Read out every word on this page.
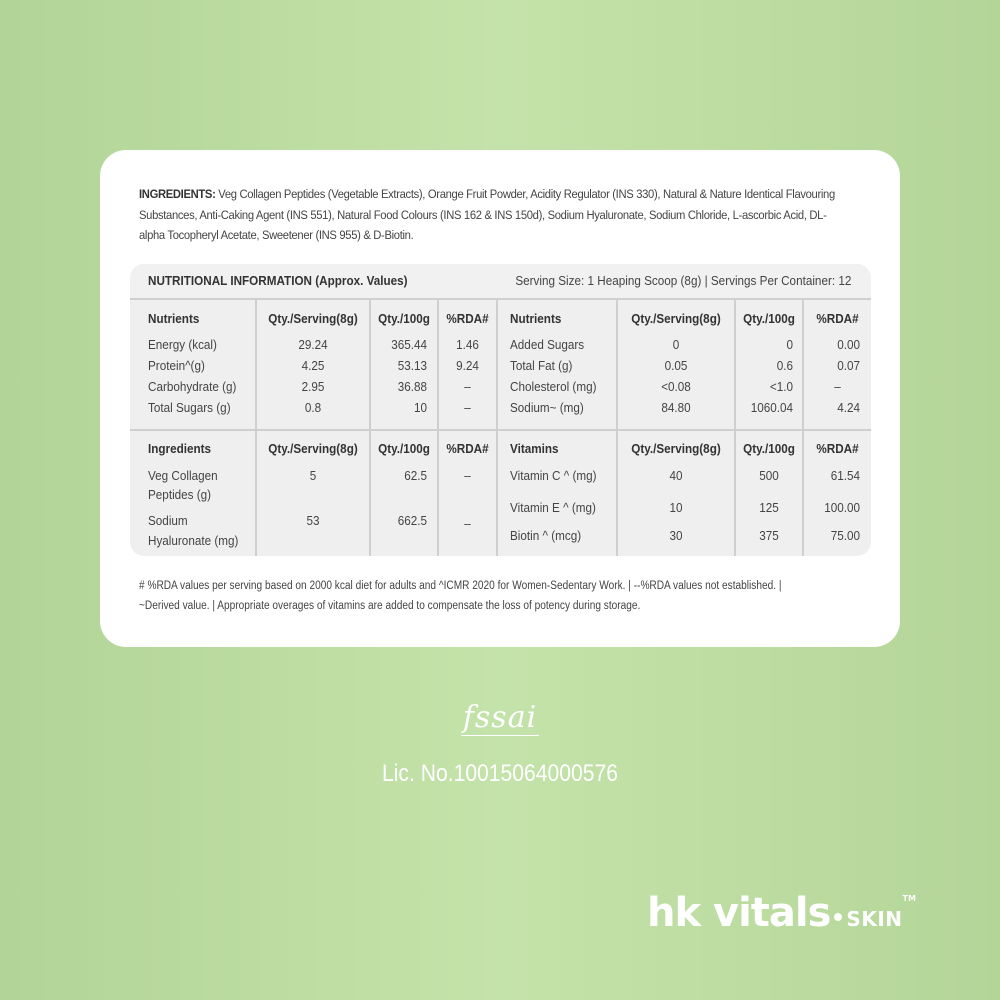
INGREDIENTS: Veg Collagen Peptides (Vegetable Extracts), Orange Fruit Powder, Acidity Regulator (INS 330), Natural & Nature Identical Flavouring Substances, Anti-Caking Agent (INS 551), Natural Food Colours (INS 162 & INS 150d), Sodium Hyaluronate, Sodium Chloride, L-ascorbic Acid, DL-alpha Tocopheryl Acetate, Sweetener (INS 955) & D-Biotin.
NUTRITIONAL INFORMATION (Approx. Values)	Serving Size: 1 Heaping Scoop (8g) | Servings Per Container: 12
Nutrients	Qty./Serving(8g)	Qty./100g	%RDA#
Energy (kcal)	29.24	365.44	1.46
Protein^(g)	4.25	53.13	9.24
Carbohydrate (g)	2.95	36.88	–
Total Sugars (g)	0.8	10	–
Nutrients	Qty./Serving(8g)	Qty./100g	%RDA#
Added Sugars	0	0	0.00
Total Fat (g)	0.05	0.6	0.07
Cholesterol (mg)	<0.08	<1.0	–
Sodium~ (mg)	84.80	1060.04	4.24
Ingredients	Qty./Serving(8g)	Qty./100g	%RDA#
Veg Collagen
Peptides (g)
5	62.5	–
Sodium
Hyaluronate (mg)
53	662.5	–
Vitamins	Qty./Serving(8g)	Qty./100g	%RDA#
Vitamin C ^ (mg)	40	500	61.54
Vitamin E ^ (mg)	10	125	100.00
Biotin ^ (mcg)	30	375	75.00
# %RDA values per serving based on 2000 kcal diet for adults and ^ICMR 2020 for Women-Sedentary Work. | --%RDA values not established. |
~Derived value. | Appropriate overages of vitamins are added to compensate the loss of potency during storage.
fssai
Lic. No.10015064000576
hk vitals SKIN™
